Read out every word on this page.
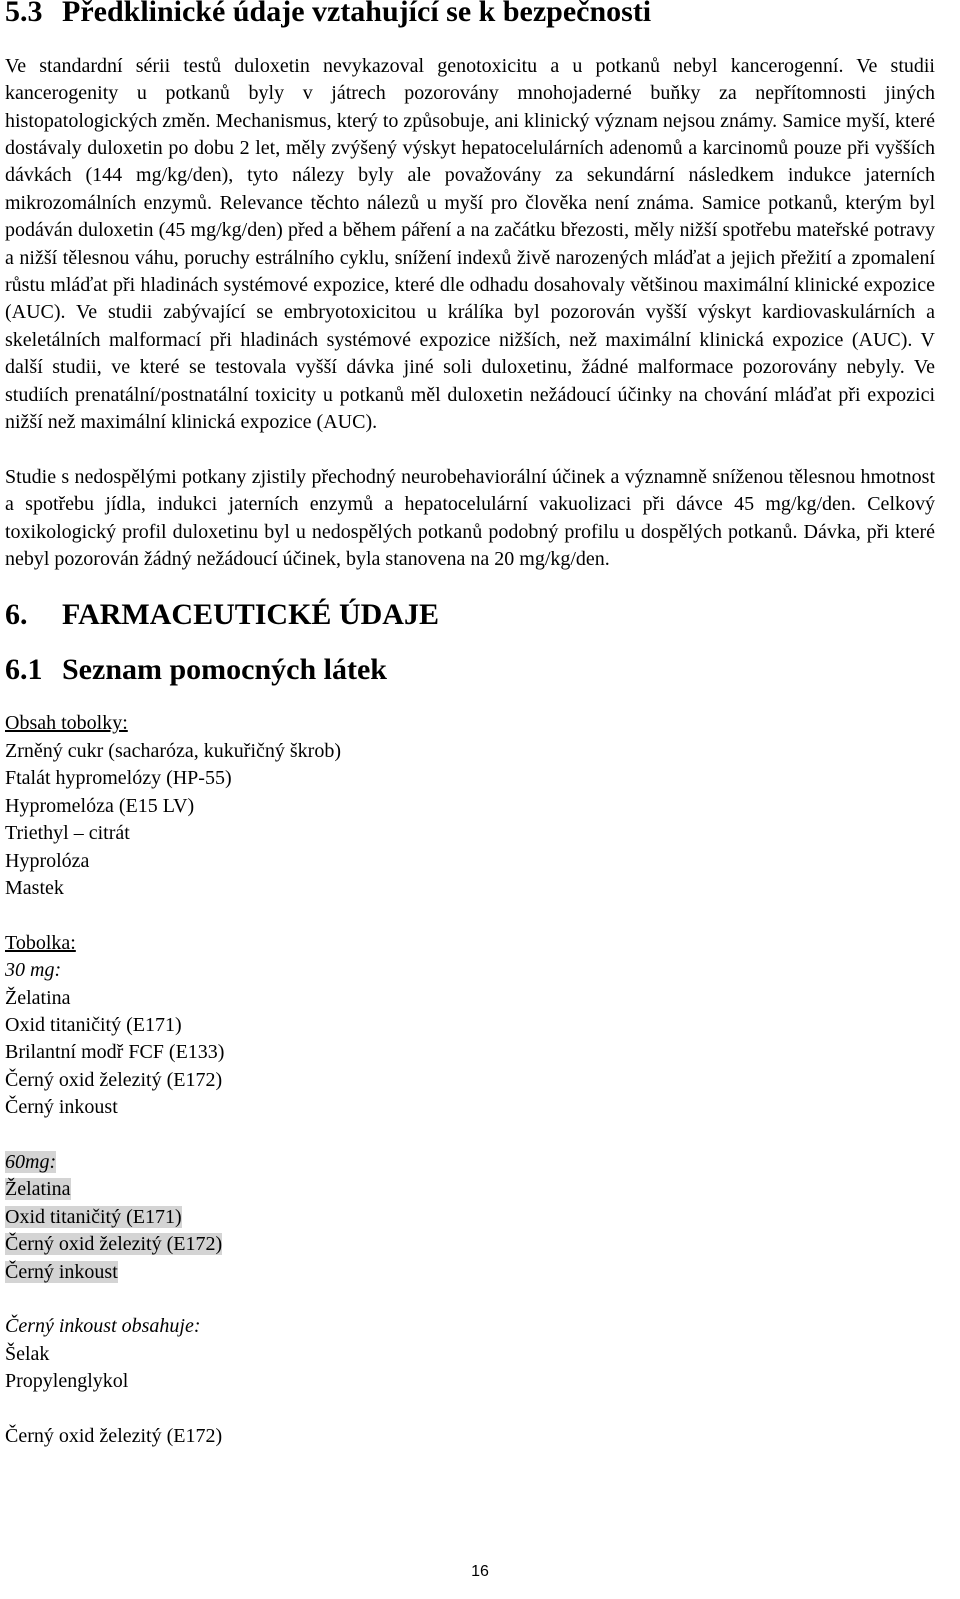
5.3 Předklinické údaje vztahující se k bezpečnosti

Ve standardní sérii testů duloxetin nevykazoval genotoxicitu a u potkanů nebyl kancerogenní. Ve studii kancerogenity u potkanů byly v játrech pozorovány mnohojaderné buňky za nepřítomnosti jiných histopatologických změn. Mechanismus, který to způsobuje, ani klinický význam nejsou známy. Samice myší, které dostávaly duloxetin po dobu 2 let, měly zvýšený výskyt hepatocelulárních adenomů a karcinomů pouze při vyšších dávkách (144 mg/kg/den), tyto nálezy byly ale považovány za sekundární následkem indukce jaterních mikrozomálních enzymů. Relevance těchto nálezů u myší pro člověka není známa. Samice potkanů, kterým byl podáván duloxetin (45 mg/kg/den) před a během páření a na začátku březosti, měly nižší spotřebu mateřské potravy a nižší tělesnou váhu, poruchy estrálního cyklu, snížení indexů živě narozených mláďat a jejich přežití a zpomalení růstu mláďat při hladinách systémové expozice, které dle odhadu dosahovaly většinou maximální klinické expozice (AUC). Ve studii zabývající se embryotoxicitou u králíka byl pozorován vyšší výskyt kardiovaskulárních a skeletálních malformací při hladinách systémové expozice nižších, než maximální klinická expozice (AUC). V další studii, ve které se testovala vyšší dávka jiné soli duloxetinu, žádné malformace pozorovány nebyly. Ve studiích prenatální/postnatální toxicity u potkanů měl duloxetin nežádoucí účinky na chování mláďat při expozici nižší než maximální klinická expozice (AUC).

Studie s nedospělými potkany zjistily přechodný neurobehaviorální účinek a významně sníženou tělesnou hmotnost a spotřebu jídla, indukci jaterních enzymů a hepatocelulární vakuolizaci při dávce 45 mg/kg/den. Celkový toxikologický profil duloxetinu byl u nedospělých potkanů podobný profilu u dospělých potkanů. Dávka, při které nebyl pozorován žádný nežádoucí účinek, byla stanovena na 20 mg/kg/den.

6. FARMACEUTICKÉ ÚDAJE
6.1 Seznam pomocných látek
Obsah tobolky:
Zrněný cukr (sacharóza, kukuřičný škrob)
Ftalát hypromelózy (HP-55)
Hypromelóza (E15 LV)
Triethyl – citrát
Hyprolóza
Mastek
Tobolka:
30 mg:
Želatina
Oxid titaničitý (E171)
Brilantní modř FCF (E133)
Černý oxid železitý (E172)
Černý inkoust
60mg:
Želatina
Oxid titaničitý (E171)
Černý oxid železitý (E172)
Černý inkoust
Černý inkoust obsahuje:
Šelak
Propylenglykol
Černý oxid železitý (E172)
16
